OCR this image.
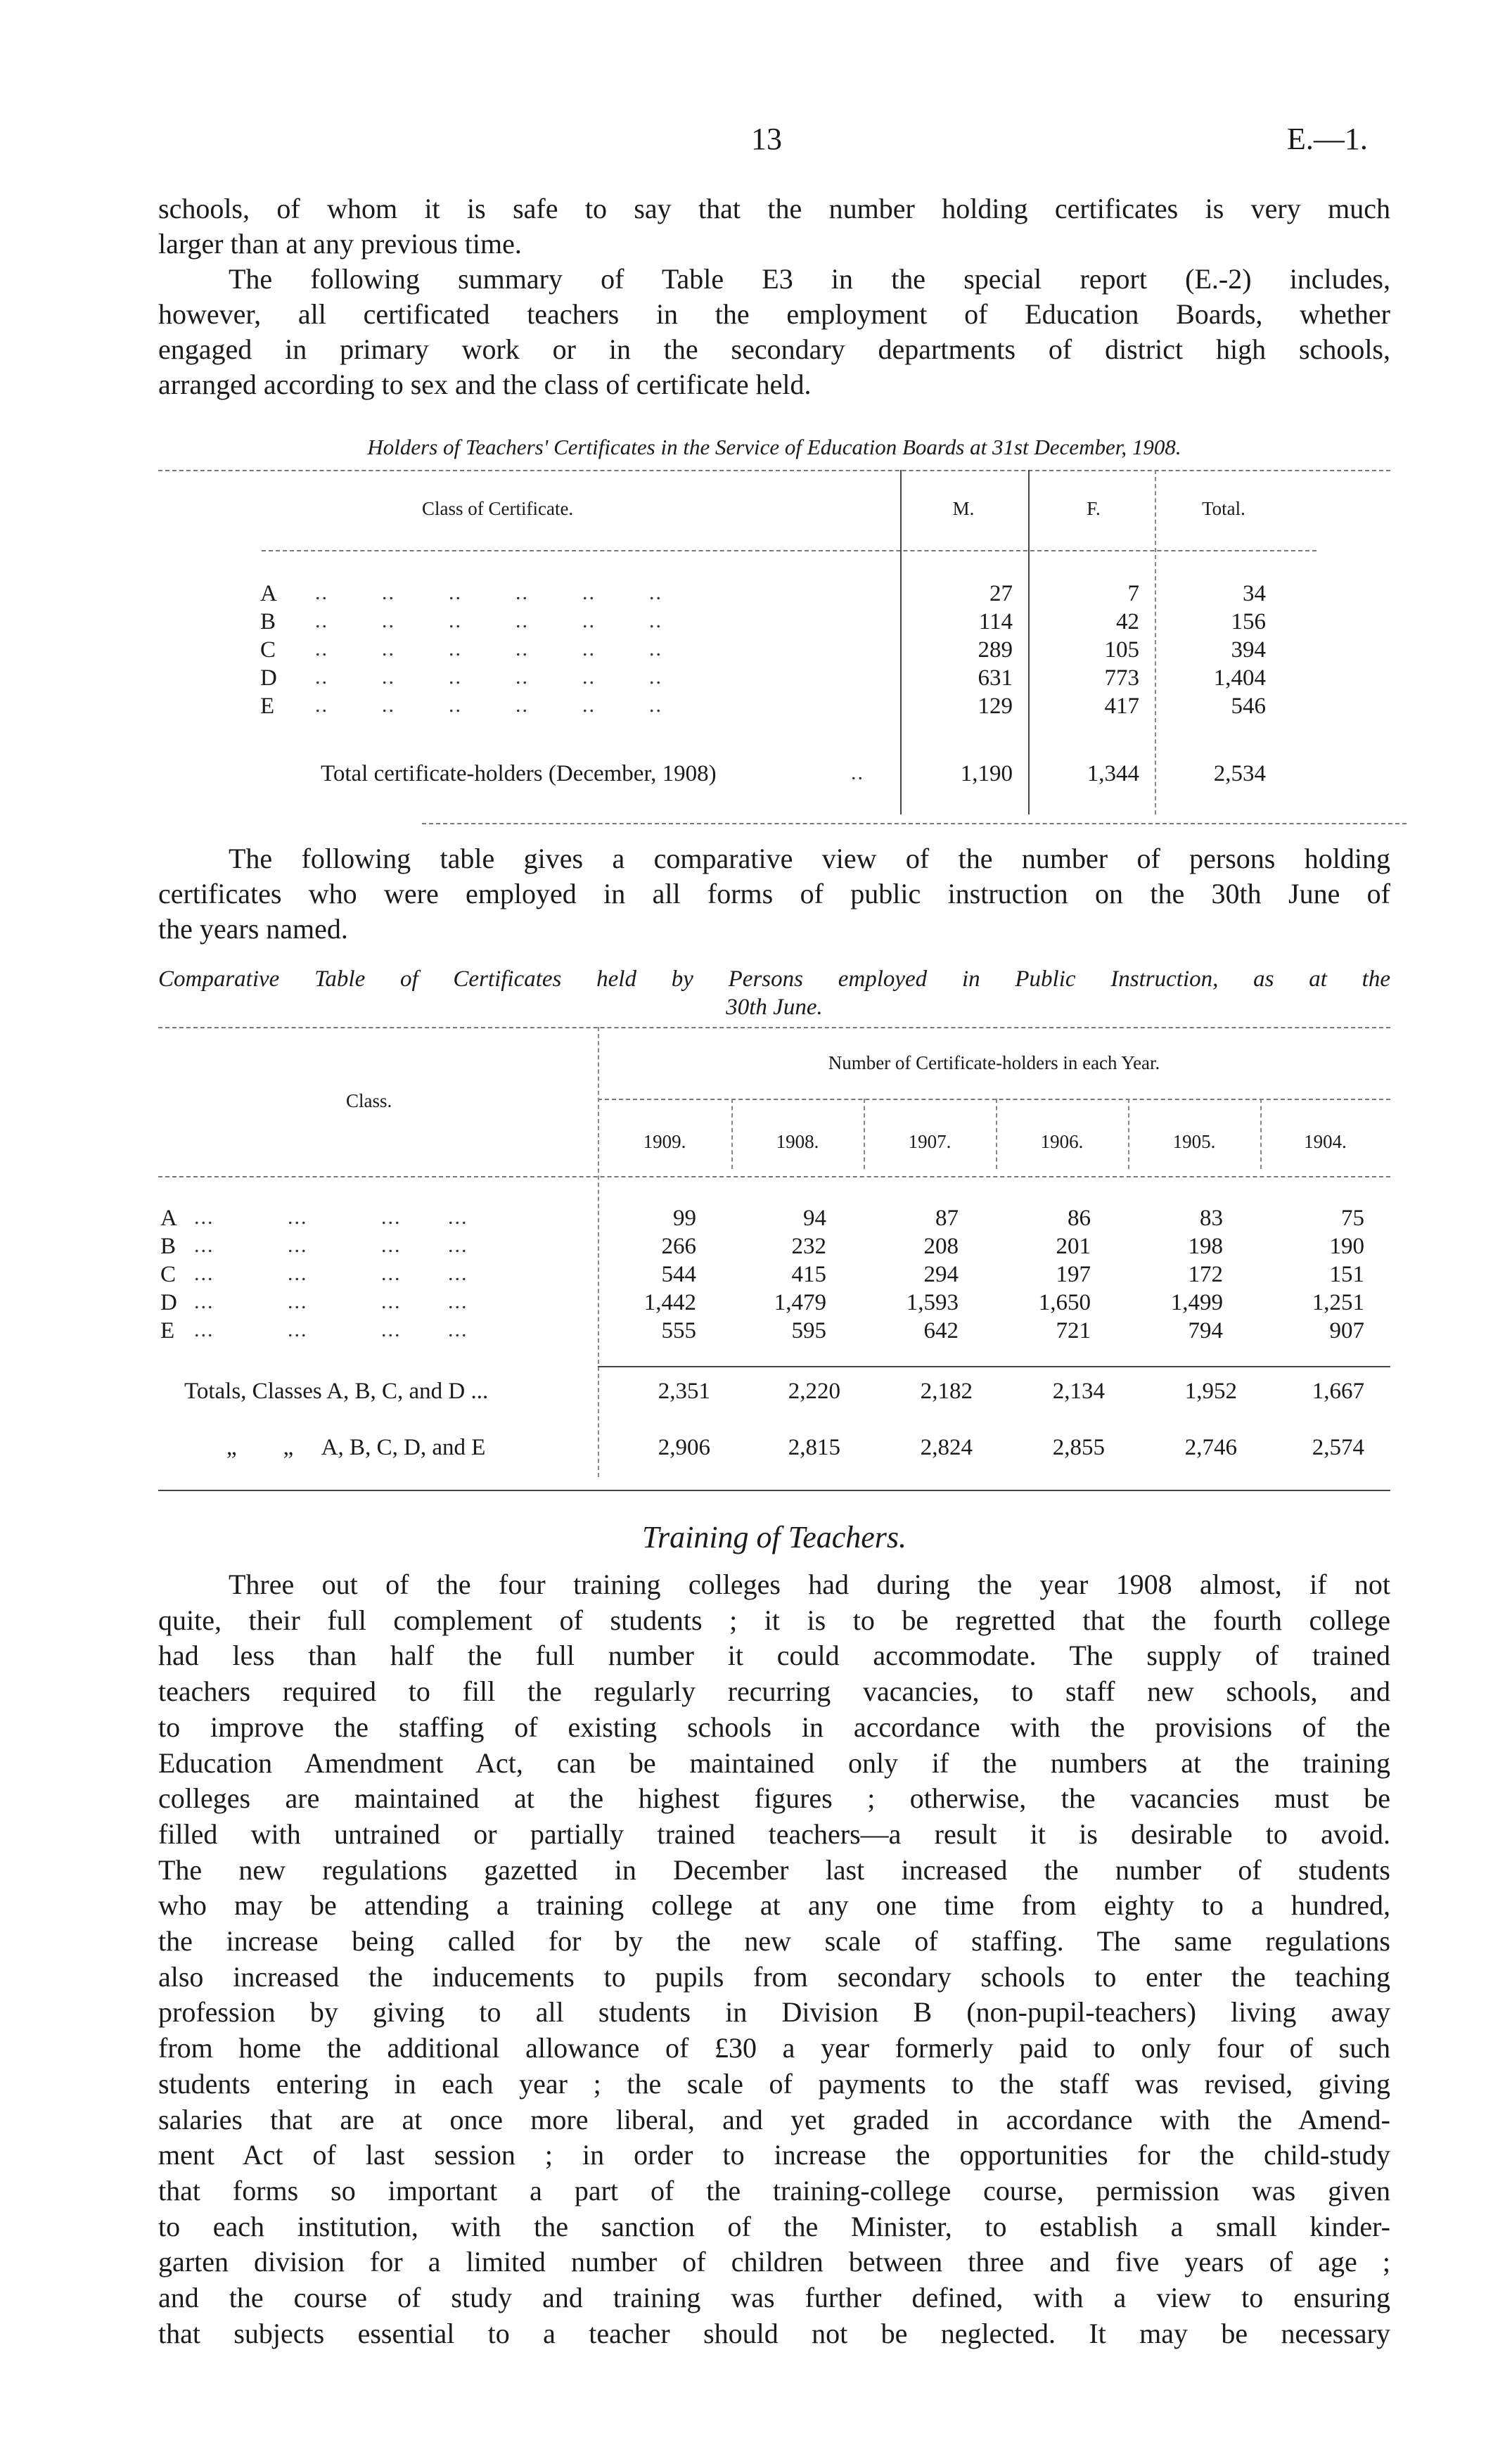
13	E.—1.
schools, of whom it is safe to say that the number holding certificates is very much
larger than at any previous time.
The following summary of Table E3 in the special report (E.-2) includes,
however, all certificated teachers in the employment of Education Boards, whether
engaged in primary work or in the secondary departments of district high schools,
arranged according to sex and the class of certificate held.
Holders of Teachers' Certificates in the Service of Education Boards at 31st December, 1908.
Class of Certificate.	M.	F.	Total.
A ..        ..        ..        ..        ..        ..	27	7	34
B ..        ..        ..        ..        ..        ..	114	42	156
C ..        ..        ..        ..        ..        ..	289	105	394
D ..        ..        ..        ..        ..        ..	631	773	1,404
E ..        ..        ..        ..        ..        ..	129	417	546
Total certificate-holders (December, 1908)	..	1,190	1,344	2,534
The following table gives a comparative view of the number of persons holding
certificates who were employed in all forms of public instruction on the 30th June of
the years named.
Comparative Table of Certificates held by Persons employed in Public Instruction, as at the
30th June.
Class.
Number of Certificate-holders in each Year.
1909.	1908.	1907.	1906.	1905.	1904.
A ...           ...           ...       ...	99	94	87	86	83	75
B ...           ...           ...       ...	266	232	208	201	198	190
C ...           ...           ...       ...	544	415	294	197	172	151
D ...           ...           ...       ...	1,442	1,479	1,593	1,650	1,499	1,251
E ...           ...           ...       ...	555	595	642	721	794	907
Totals, Classes A, B, C, and D ...	2,351	2,220	2,182	2,134	1,952	1,667
„        „     A, B, C, D, and E	2,906	2,815	2,824	2,855	2,746	2,574
Training of Teachers.
Three out of the four training colleges had during the year 1908 almost, if not
quite, their full complement of students ; it is to be regretted that the fourth college
had less than half the full number it could accommodate. The supply of trained
teachers required to fill the regularly recurring vacancies, to staff new schools, and
to improve the staffing of existing schools in accordance with the provisions of the
Education Amendment Act, can be maintained only if the numbers at the training
colleges are maintained at the highest figures ; otherwise, the vacancies must be
filled with untrained or partially trained teachers—a result it is desirable to avoid.
The new regulations gazetted in December last increased the number of students
who may be attending a training college at any one time from eighty to a hundred,
the increase being called for by the new scale of staffing. The same regulations
also increased the inducements to pupils from secondary schools to enter the teaching
profession by giving to all students in Division B (non-pupil-teachers) living away
from home the additional allowance of £30 a year formerly paid to only four of such
students entering in each year ; the scale of payments to the staff was revised, giving
salaries that are at once more liberal, and yet graded in accordance with the Amend-
ment Act of last session ; in order to increase the opportunities for the child-study
that forms so important a part of the training-college course, permission was given
to each institution, with the sanction of the Minister, to establish a small kinder-
garten division for a limited number of children between three and five years of age ;
and the course of study and training was further defined, with a view to ensuring
that subjects essential to a teacher should not be neglected. It may be necessary
